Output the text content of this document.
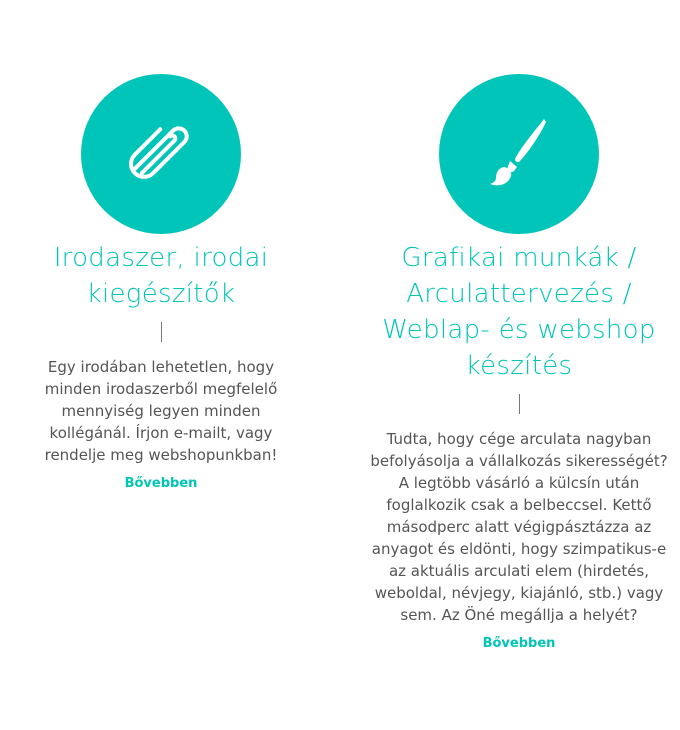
Irodaszer, irodai kiegészítők
Egy irodában lehetetlen, hogy minden irodaszerből megfelelő mennyiség legyen minden kollégánál. Írjon e-mailt, vagy rendelje meg webshopunkban!
Bővebben
Grafikai munkák / Arculattervezés / Weblap- és webshop készítés
Tudta, hogy cége arculata nagyban befolyásolja a vállalkozás sikerességét? A legtöbb vásárló a külcsín után foglalkozik csak a belbeccsel. Kettő másodperc alatt végigpásztázza az anyagot és eldönti, hogy szimpatikus-e az aktuális arculati elem (hirdetés, weboldal, névjegy, kiajánló, stb.) vagy sem. Az Öné megállja a helyét?
Bővebben
